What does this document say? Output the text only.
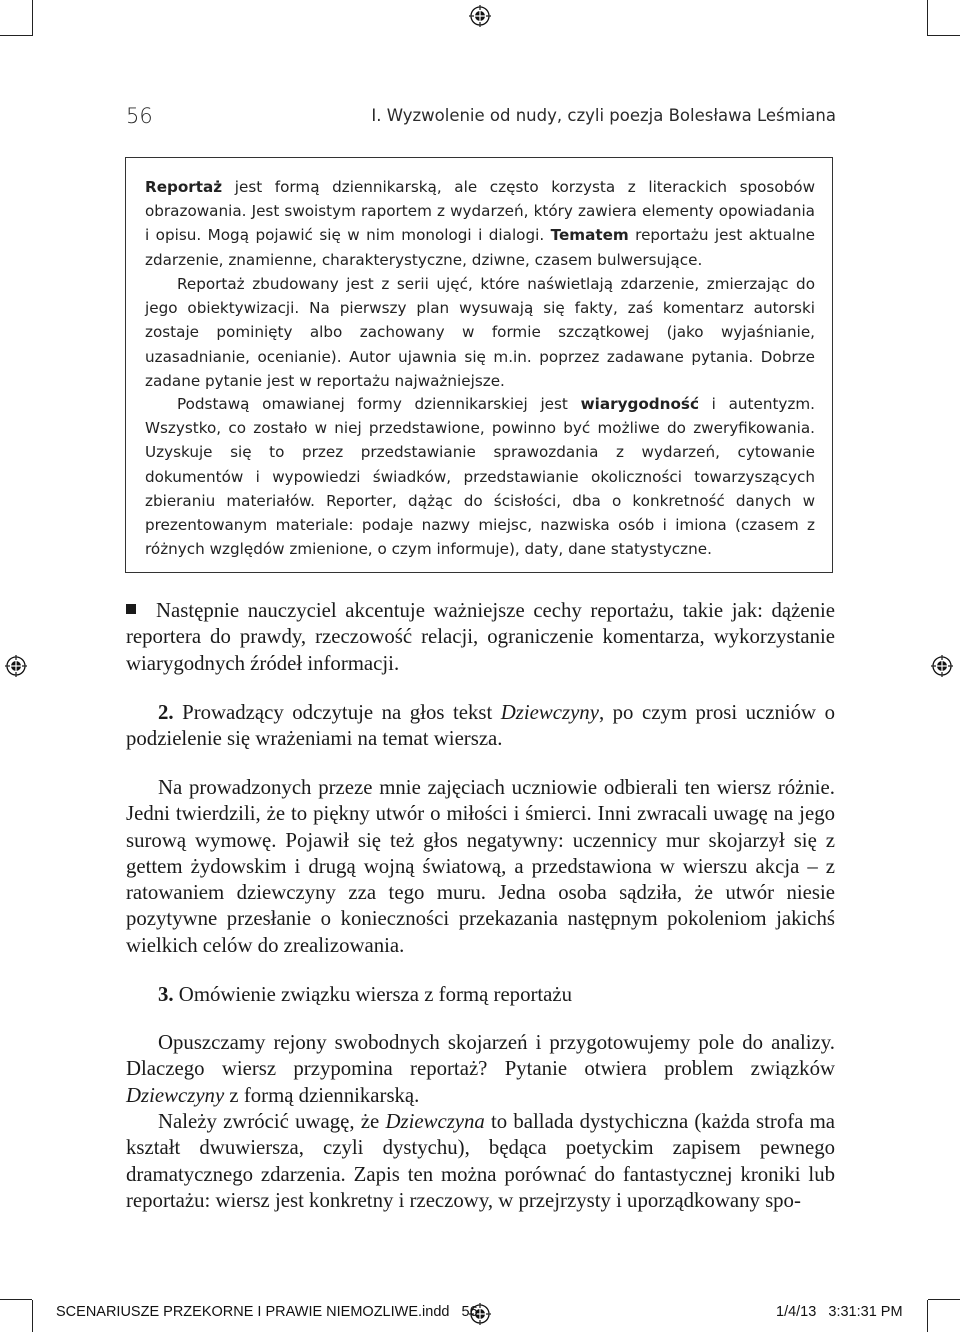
56	I. Wyzwolenie od nudy, czyli poezja Bolesława Leśmiana

Reportaż jest formą dziennikarską, ale często korzysta z literackich sposobów obrazowania. Jest swoistym raportem z wydarzeń, który zawiera elementy opowiadania i opisu. Mogą pojawić się w nim monologi i dialogi. Tematem reportażu jest aktualne zdarzenie, znamienne, charakterystyczne, dziwne, czasem bulwersujące.

Reportaż zbudowany jest z serii ujęć, które naświetlają zdarzenie, zmierzając do jego obiektywizacji. Na pierwszy plan wysuwają się fakty, zaś komentarz autorski zostaje pominięty albo zachowany w formie szczątkowej (jako wyjaśnianie, uzasadnianie, ocenianie). Autor ujawnia się m.in. poprzez zadawane pytania. Dobrze zadane pytanie jest w reportażu najważniejsze.

Podstawą omawianej formy dziennikarskiej jest wiarygodność i autentyzm. Wszystko, co zostało w niej przedstawione, powinno być możliwe do zweryfikowania. Uzyskuje się to przez przedstawianie sprawozdania z wydarzeń, cytowanie dokumentów i wypowiedzi świadków, przedstawianie okoliczności towarzyszących zbieraniu materiałów. Reporter, dążąc do ścisłości, dba o konkretność danych w prezentowanym materiale: podaje nazwy miejsc, nazwiska osób i imiona (czasem z różnych względów zmienione, o czym informuje), daty, dane statystyczne.

Następnie nauczyciel akcentuje ważniejsze cechy reportażu, takie jak: dążenie reportera do prawdy, rzeczowość relacji, ograniczenie komentarza, wykorzystanie wiarygodnych źródeł informacji.

2. Prowadzący odczytuje na głos tekst Dziewczyny, po czym prosi uczniów o podzielenie się wrażeniami na temat wiersza.

Na prowadzonych przeze mnie zajęciach uczniowie odbierali ten wiersz różnie. Jedni twierdzili, że to piękny utwór o miłości i śmierci. Inni zwracali uwagę na jego surową wymowę. Pojawił się też głos negatywny: uczennicy mur skojarzył się z gettem żydowskim i drugą wojną światową, a przedstawiona w wierszu akcja – z ratowaniem dziewczyny zza tego muru. Jedna osoba sądziła, że utwór niesie pozytywne przesłanie o konieczności przekazania następnym pokoleniom jakichś wielkich celów do zrealizowania.

3. Omówienie związku wiersza z formą reportażu

Opuszczamy rejony swobodnych skojarzeń i przygotowujemy pole do analizy. Dlaczego wiersz przypomina reportaż? Pytanie otwiera problem związków Dziewczyny z formą dziennikarską.

Należy zwrócić uwagę, że Dziewczyna to ballada dystychiczna (każda strofa ma kształt dwuwiersza, czyli dystychu), będąca poetyckim zapisem pewnego dramatycznego zdarzenia. Zapis ten można porównać do fantastycznej kroniki lub reportażu: wiersz jest konkretny i rzeczowy, w przejrzysty i uporządkowany spo-

SCENARIUSZE PRZEKORNE I PRAWIE NIEMOZLIWE.indd   56	1/4/13   3:31:31 PM
